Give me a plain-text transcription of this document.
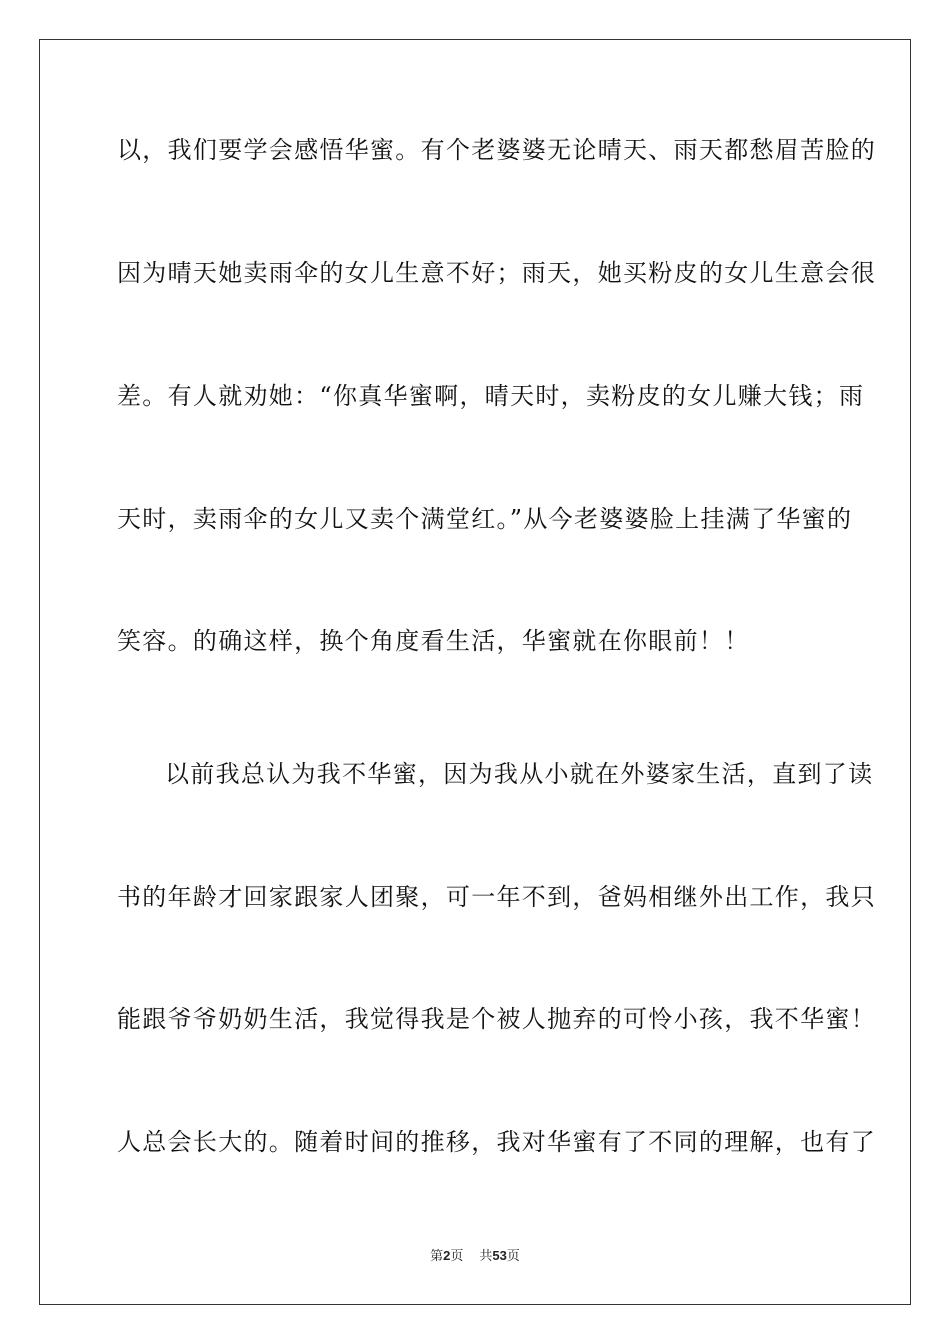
以，我们要学会感悟华蜜。有个老婆婆无论晴天、雨天都愁眉苦脸的
因为晴天她卖雨伞的女儿生意不好；雨天，她买粉皮的女儿生意会很
差。有人就劝她：“你真华蜜啊，晴天时，卖粉皮的女儿赚大钱；雨
天时，卖雨伞的女儿又卖个满堂红。”从今老婆婆脸上挂满了华蜜的
笑容。的确这样，换个角度看生活，华蜜就在你眼前！！
以前我总认为我不华蜜，因为我从小就在外婆家生活，直到了读
书的年龄才回家跟家人团聚，可一年不到，爸妈相继外出工作，我只
能跟爷爷奶奶生活，我觉得我是个被人抛弃的可怜小孩，我不华蜜！
人总会长大的。随着时间的推移，我对华蜜有了不同的理解，也有了
第2页 共53页
